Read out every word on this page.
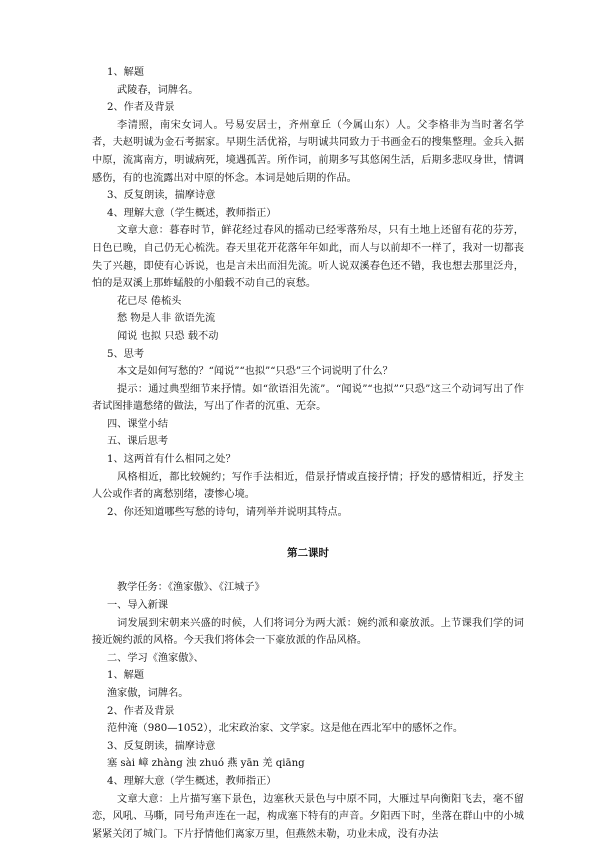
1、解题

武陵春，词牌名。

2、作者及背景

李清照，南宋女词人。号易安居士，齐州章丘（今属山东）人。父李格非为当时著名学者，夫赵明诚为金石考据家。早期生活优裕，与明诚共同致力于书画金石的搜集整理。金兵入据中原，流寓南方，明诚病死，境遇孤苦。所作词，前期多写其悠闲生活，后期多悲叹身世，情调感伤，有的也流露出对中原的怀念。本词是她后期的作品。

3、反复朗读，揣摩诗意

4、理解大意（学生概述，教师指正）

文章大意：暮春时节，鲜花经过春风的摇动已经零落殆尽，只有土地上还留有花的芬芳，日色已晚，自己仍无心梳洗。春天里花开花落年年如此，而人与以前却不一样了，我对一切都丧失了兴趣，即使有心诉说，也是言未出而泪先流。听人说双溪春色还不错，我也想去那里泛舟，怕的是双溪上那蚱蜢般的小船载不动自己的哀愁。

花已尽 倦梳头

愁 物是人非 欲语先流

闻说 也拟 只恐 载不动

5、思考

本文是如何写愁的？“闻说”“也拟”“只恐”三个词说明了什么？

提示：通过典型细节来抒情。如“欲语泪先流”。“闻说”“也拟”“只恐”这三个动词写出了作者试图排遣愁绪的做法，写出了作者的沉重、无奈。

四、课堂小结

五、课后思考

1、这两首有什么相同之处？

风格相近，都比较婉约；写作手法相近，借景抒情或直接抒情；抒发的感情相近，抒发主人公或作者的离愁别绪，凄惨心境。

2、你还知道哪些写愁的诗句，请列举并说明其特点。

第二课时

教学任务：《渔家傲》、《江城子》

一、导入新课

词发展到宋朝来兴盛的时候，人们将词分为两大派：婉约派和豪放派。上节课我们学的词接近婉约派的风格。今天我们将体会一下豪放派的作品风格。

二、学习《渔家傲》、

1、解题

渔家傲，词牌名。

2、作者及背景

范仲淹（980—1052），北宋政治家、文学家。这是他在西北军中的感怀之作。

3、反复朗读，揣摩诗意

塞 sài 嶂 zhàng 浊 zhuó 燕 yān 羌 qiāng

4、理解大意（学生概述，教师指正）

文章大意：上片描写塞下景色，边塞秋天景色与中原不同，大雁过早向衡阳飞去，毫不留恋，风吼、马嘶，同号角声连在一起，构成塞下特有的声音。夕阳西下时，坐落在群山中的小城紧紧关闭了城门。下片抒情他们离家万里，但燕然未勒，功业未成，没有办法
